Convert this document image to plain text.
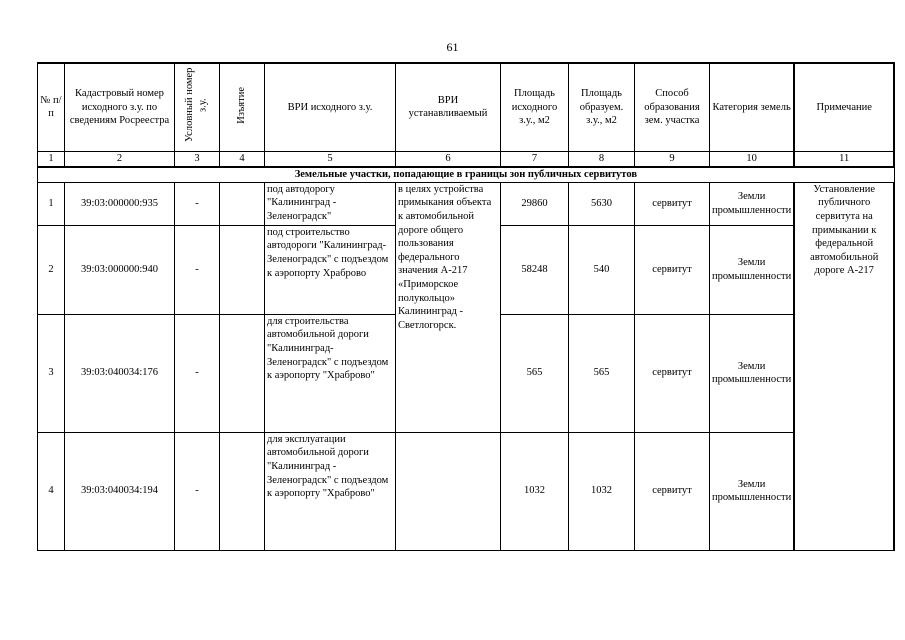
61
№ п/п	Кадастровый номер исходного з.у. по сведениям Росреестра	Условный номер з.у.	Изъятие	ВРИ исходного з.у.	ВРИ устанавливаемый	Площадь исходного з.у., м2	Площадь образуем. з.у., м2	Способ образования зем. участка	Категория земель	Примечание
1	2	3	4	5	6	7	8	9	10	11
Земельные участки, попадающие в границы зон публичных сервитутов										
1	39:03:000000:935	-		под автодорогу "Калининград - Зеленоградск"	в целях устройства примыкания объекта к автомобильной дороге общего пользования федерального значения А-217 «Приморское полукольцо» Калининград - Светлогорск.	29860	5630	сервитут	Земли промышленности	Установление публичного сервитута на примыкании к федеральной автомобильной дороге А-217
2	39:03:000000:940	-		под строительство автодороги "Калининград-Зеленоградск" с подъездом к аэропорту Храброво		58248	540	сервитут	Земли промышленности	
3	39:03:040034:176	-		для строительства автомобильной дороги "Калининград-Зеленоградск" с подъездом к аэропорту "Храброво"		565	565	сервитут	Земли промышленности	
4	39:03:040034:194	-		для эксплуатации автомобильной дороги "Калининград - Зеленоградск" с подъездом к аэропорту "Храброво"		1032	1032	сервитут	Земли промышленности	
